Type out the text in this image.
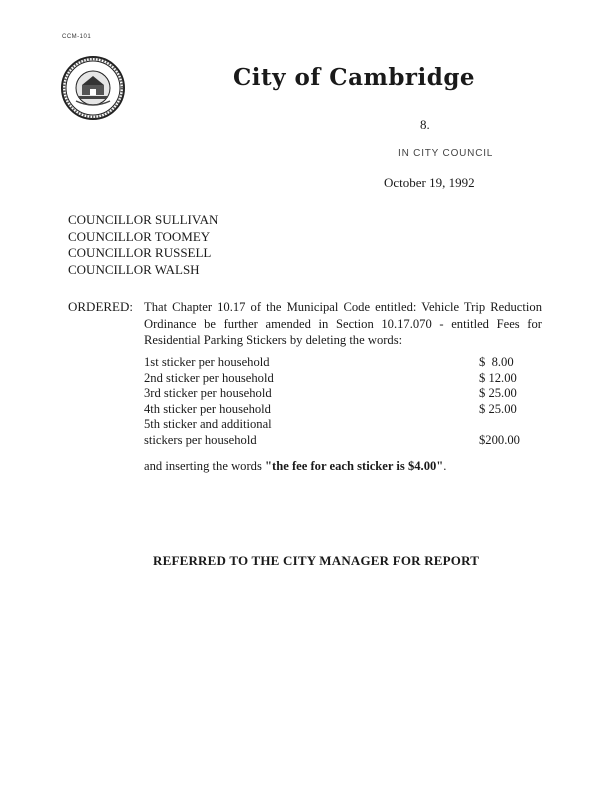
CCM-101
City of Cambridge
8.
IN CITY COUNCIL
October 19, 1992
COUNCILLOR SULLIVAN
COUNCILLOR TOOMEY
COUNCILLOR RUSSELL
COUNCILLOR WALSH
ORDERED: That Chapter 10.17 of the Municipal Code entitled: Vehicle Trip Reduction Ordinance be further amended in Section 10.17.070 - entitled Fees for Residential Parking Stickers by deleting the words:
1st sticker per household	$  8.00
2nd sticker per household	$ 12.00
3rd sticker per household	$ 25.00
4th sticker per household	$ 25.00
5th sticker and additional
stickers per household	$200.00
and inserting the words "the fee for each sticker is $4.00".
REFERRED TO THE CITY MANAGER FOR REPORT
